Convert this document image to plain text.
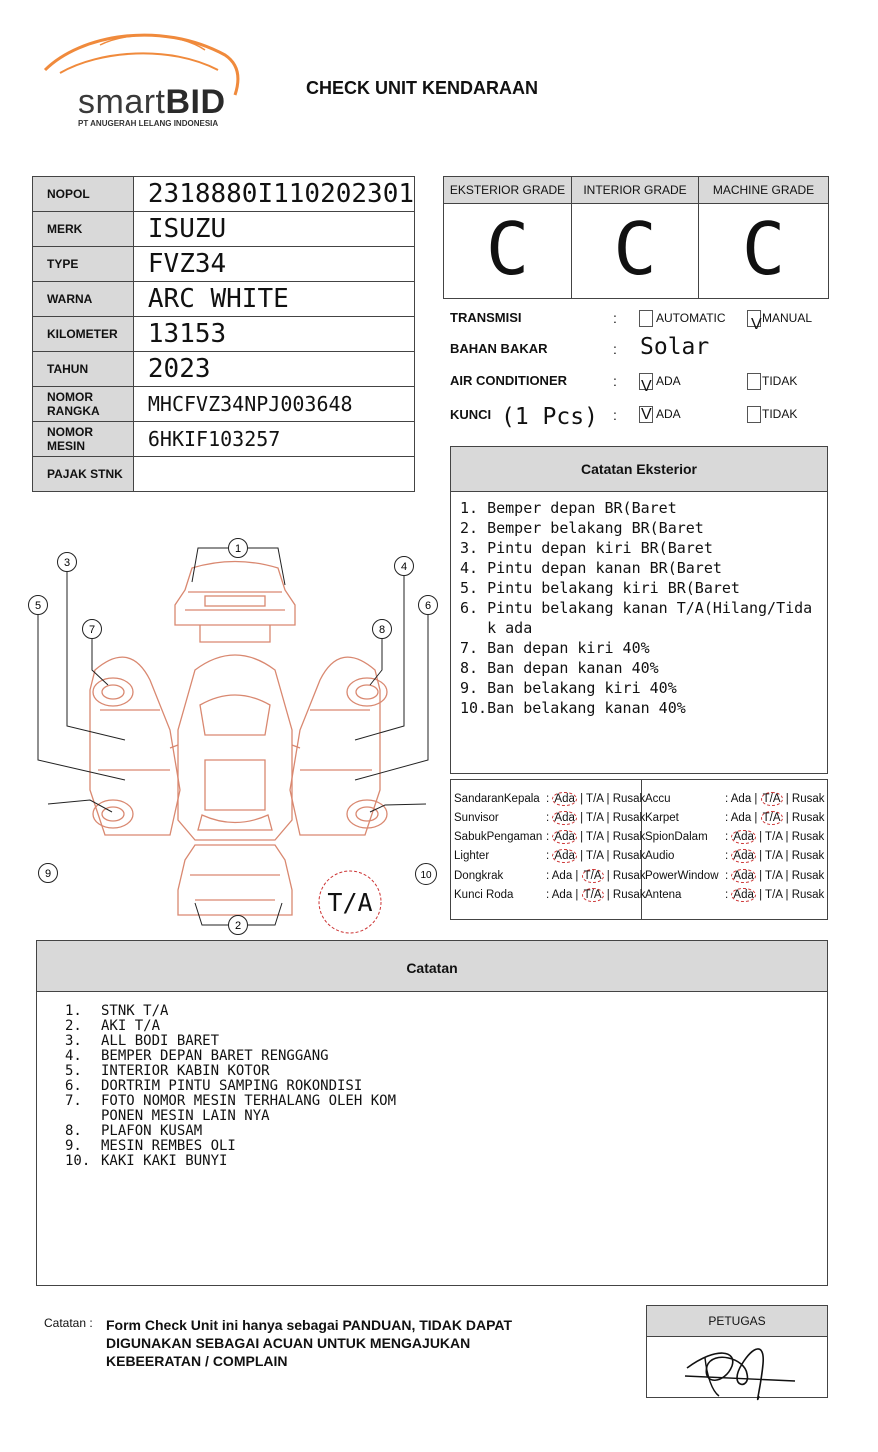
smartBID
PT ANUGERAH LELANG INDONESIA
CHECK UNIT KENDARAAN
NOPOL	2318880I110202301
MERK	ISUZU
TYPE	FVZ34
WARNA	ARC WHITE
KILOMETER	13153
TAHUN	2023
NOMOR RANGKA	MHCFVZ34NPJ003648
NOMOR MESIN	6HKIF103257
PAJAK STNK	
EKSTERIOR GRADE
C
INTERIOR GRADE
C
MACHINE GRADE
C
TRANSMISI	:	AUTOMATIC V MANUAL
BAHAN BAKAR	: Solar
AIR CONDITIONER	: V ADA	TIDAK
KUNCI (1 Pcs) : V ADA	TIDAK
1
2
3	4
5	6
7	8
9	10
T/A
Catatan Eksterior
1. Bemper depan BR(Baret
2. Bemper belakang BR(Baret
3. Pintu depan kiri BR(Baret
4. Pintu depan kanan BR(Baret
5. Pintu belakang kiri BR(Baret
6. Pintu belakang kanan T/A(Hilang/Tida
k ada
7. Ban depan kiri 40%
8. Ban depan kanan 40%
9. Ban belakang kiri 40%
10.Ban belakang kanan 40%
SandaranKepala : Ada | T/A | Rusak
Sunvisor	: Ada | T/A | Rusak
SabukPengaman : Ada | T/A | Rusak
Lighter	: Ada | T/A | Rusak
Dongkrak	: Ada | T/A | Rusak
Kunci Roda	: Ada | T/A | Rusak
Accu	: Ada | T/A | Rusak
Karpet	: Ada | T/A | Rusak
SpionDalam : Ada | T/A | Rusak
Audio	: Ada | T/A | Rusak
PowerWindow : Ada | T/A | Rusak
Antena	: Ada | T/A | Rusak
Catatan
1.	STNK T/A
2.	AKI T/A
3.	ALL BODI BARET
4.	BEMPER DEPAN BARET RENGGANG
5.	INTERIOR KABIN KOTOR
6.	DORTRIM PINTU SAMPING ROKONDISI
7.	FOTO NOMOR MESIN TERHALANG OLEH KOM
PONEN MESIN LAIN NYA
8.	PLAFON KUSAM
9.	MESIN REMBES OLI
10. KAKI KAKI BUNYI
Catatan : Form Check Unit ini hanya sebagai PANDUAN, TIDAK DAPAT DIGUNAKAN SEBAGAI ACUAN UNTUK MENGAJUKAN KEBEERATAN / COMPLAIN
PETUGAS
